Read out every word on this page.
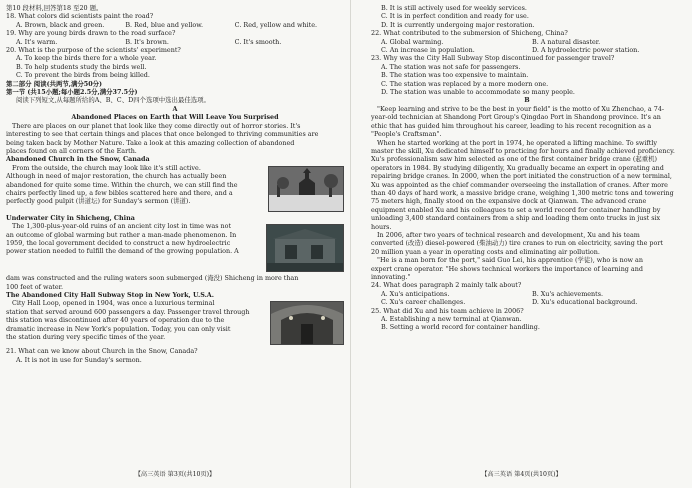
第10 段材料,回答第18 至20 题。
18. What colors did scientists paint the road?
A. Brown, black and green.	B. Red, blue and yellow.	C. Red, yellow and white.
19. Why are young birds drawn to the road surface?
A. It's warm.	B. It's brown.	C. It's smooth.
20. What is the purpose of the scientists' experiment?
A. To keep the birds there for a whole year.
B. To help students study the birds well.
C. To prevent the birds from being killed.
第二部分 阅读(共两节,满分50分)
第一节 (共15小题;每小题2.5分,满分37.5分)
阅读下列短文,从每题所给的A、B、C、D四个选项中选出最佳选项。
A
Abandoned Places on Earth that Will Leave You Surprised
There are places on our planet that look like they come directly out of horror stories. It's
interesting to see that certain things and places that once belonged to thriving communities are
being taken back by Mother Nature. Take a look at this amazing collection of abandoned
places found on all corners of the Earth.
Abandoned Church in the Snow, Canada
From the outside, the church may look like it's still active.
Although in need of major restoration, the church has actually been
abandoned for quite some time. Within the church, we can still find the
chairs perfectly lined up, a few bibles scattered here and there, and a
perfectly good pulpit (讲道坛) for Sunday's sermon (讲道).
Underwater City in Shicheng, China
The 1,300-plus-year-old ruins of an ancient city lost in time was not
an outcome of global warming but rather a man-made phenomenon. In
1959, the local government decided to construct a new hydroelectric
power station needed to fulfill the demand of the growing population. A
dam was constructed and the ruling waters soon submerged (淹没) Shicheng in more than
100 feet of water.
The Abandoned City Hall Subway Stop in New York, U.S.A.
City Hall Loop, opened in 1904, was once a luxurious terminal
station that served around 600 passengers a day. Passenger travel through
this station was discontinued after 40 years of operation due to the
dramatic increase in New York's population. Today, you can only visit
the station during very specific times of the year.
21. What can we know about Church in the Snow, Canada?
A. It is not in use for Sunday's sermon.
【高三英语 第3页(共10页)】
B. It is still actively used for weekly services.
C. It is in perfect condition and ready for use.
D. It is currently undergoing major restoration.
22. What contributed to the submersion of Shicheng, China?
A. Global warming.	B. A natural disaster.
C. An increase in population.	D. A hydroelectric power station.
23. Why was the City Hall Subway Stop discontinued for passenger travel?
A. The station was not safe for passengers.
B. The station was too expensive to maintain.
C. The station was replaced by a more modern one.
D. The station was unable to accommodate so many people.
B
"Keep learning and strive to be the best in your field" is the motto of Xu Zhenchao, a 74-
year-old technician at Shandong Port Group's Qingdao Port in Shandong province. It's an
ethic that has guided him throughout his career, leading to his recent recognition as a
"People's Craftsman".
When he started working at the port in 1974, he operated a lifting machine. To swiftly
master the skill, Xu dedicated himself to practicing for hours and finally achieved proficiency.
Xu's professionalism saw him selected as one of the first container bridge crane (起重机)
operators in 1984. By studying diligently, Xu gradually became an expert in operating and
repairing bridge cranes. In 2000, when the port initiated the construction of a new terminal,
Xu was appointed as the chief commander overseeing the installation of cranes. After more
than 40 days of hard work, a massive bridge crane, weighing 1,300 metric tons and towering
75 meters high, finally stood on the expansive dock at Qianwan. The advanced crane
equipment enabled Xu and his colleagues to set a world record for container handling by
unloading 3,400 standard containers from a ship and loading them onto trucks in just six
hours.
In 2006, after two years of technical research and development, Xu and his team
converted (改造) diesel-powered (柴油动力) tire cranes to run on electricity, saving the port
20 million yuan a year in operating costs and eliminating air pollution.
"He is a man born for the port," said Guo Lei, his apprentice (学徒), who is now an
expert crane operator. "He shows technical workers the importance of learning and
innovating."
24. What does paragraph 2 mainly talk about?
A. Xu's anticipations.	B. Xu's achievements.
C. Xu's career challenges.	D. Xu's educational background.
25. What did Xu and his team achieve in 2006?
A. Establishing a new terminal at Qianwan.
B. Setting a world record for container handling.
【高三英语 第4页(共10页)】
